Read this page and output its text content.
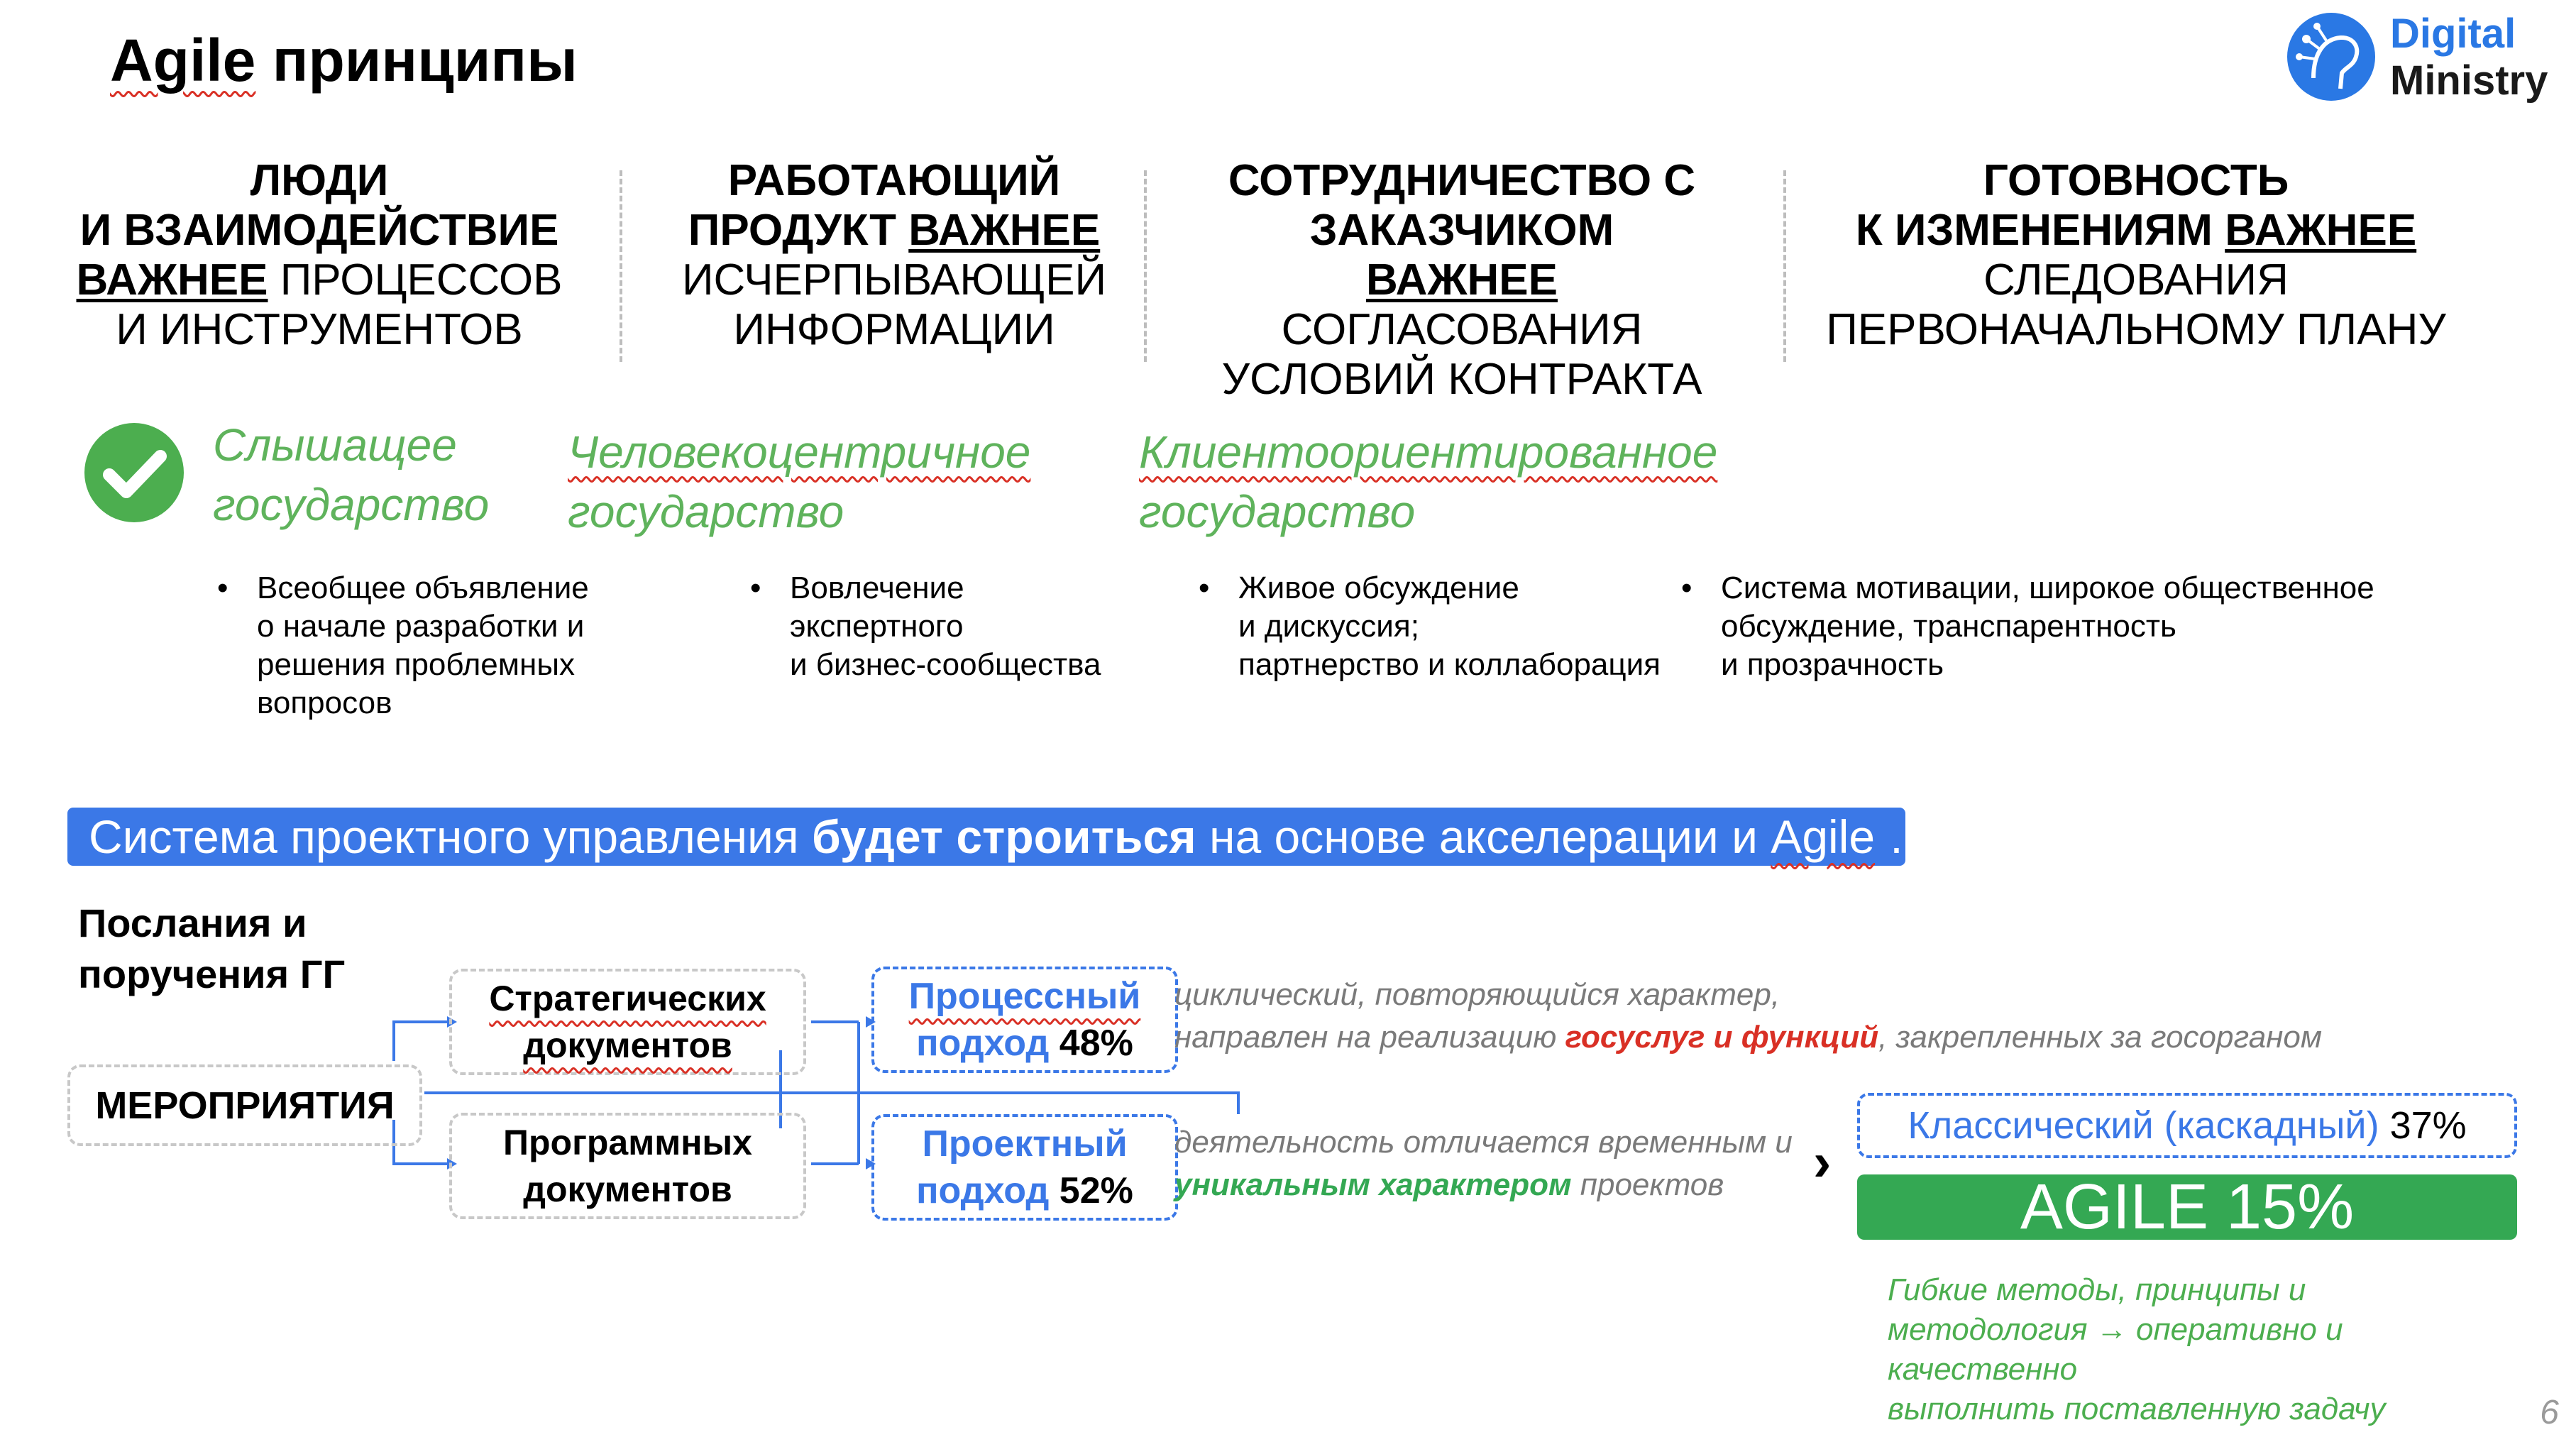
Agile принципы	Digital
Ministry
ЛЮДИ
И ВЗАИМОДЕЙСТВИЕ
ВАЖНЕЕ ПРОЦЕССОВ
И ИНСТРУМЕНТОВ
РАБОТАЮЩИЙ
ПРОДУКТ ВАЖНЕЕ
ИСЧЕРПЫВАЮЩЕЙ
ИНФОРМАЦИИ
СОТРУДНИЧЕСТВО С
ЗАКАЗЧИКОМ
ВАЖНЕЕ
СОГЛАСОВАНИЯ
УСЛОВИЙ КОНТРАКТА
ГОТОВНОСТЬ
К ИЗМЕНЕНИЯМ ВАЖНЕЕ
СЛЕДОВАНИЯ
ПЕРВОНАЧАЛЬНОМУ ПЛАНУ
Слышащее
государство
Человекоцентричное
государство
Клиентоориентированное
государство
• Всеобщее объявление
о начале разработки и
решения проблемных
вопросов
• Вовлечение
экспертного
и бизнес-сообщества
• Живое обсуждение
и дискуссия;
партнерство и коллаборация
• Система мотивации, широкое общественное
обсуждение, транспарентность
и прозрачность
Система проектного управления будет строиться на основе акселерации и Agile …
Послания и
поручения ГГ
МЕРОПРИЯТИЯ
Стратегических
документов
Программных
документов
Процессный
подход 48%
Проектный
подход 52%
циклический, повторяющийся характер,
направлен на реализацию госуслуг и функций, закрепленных за госорганом
деятельность отличается временным и
уникальным характером проектов	›
Классический (каскадный) 37%
AGILE 15%
Гибкие методы, принципы и
методология → оперативно и
качественно
выполнить поставленную задачу	6
